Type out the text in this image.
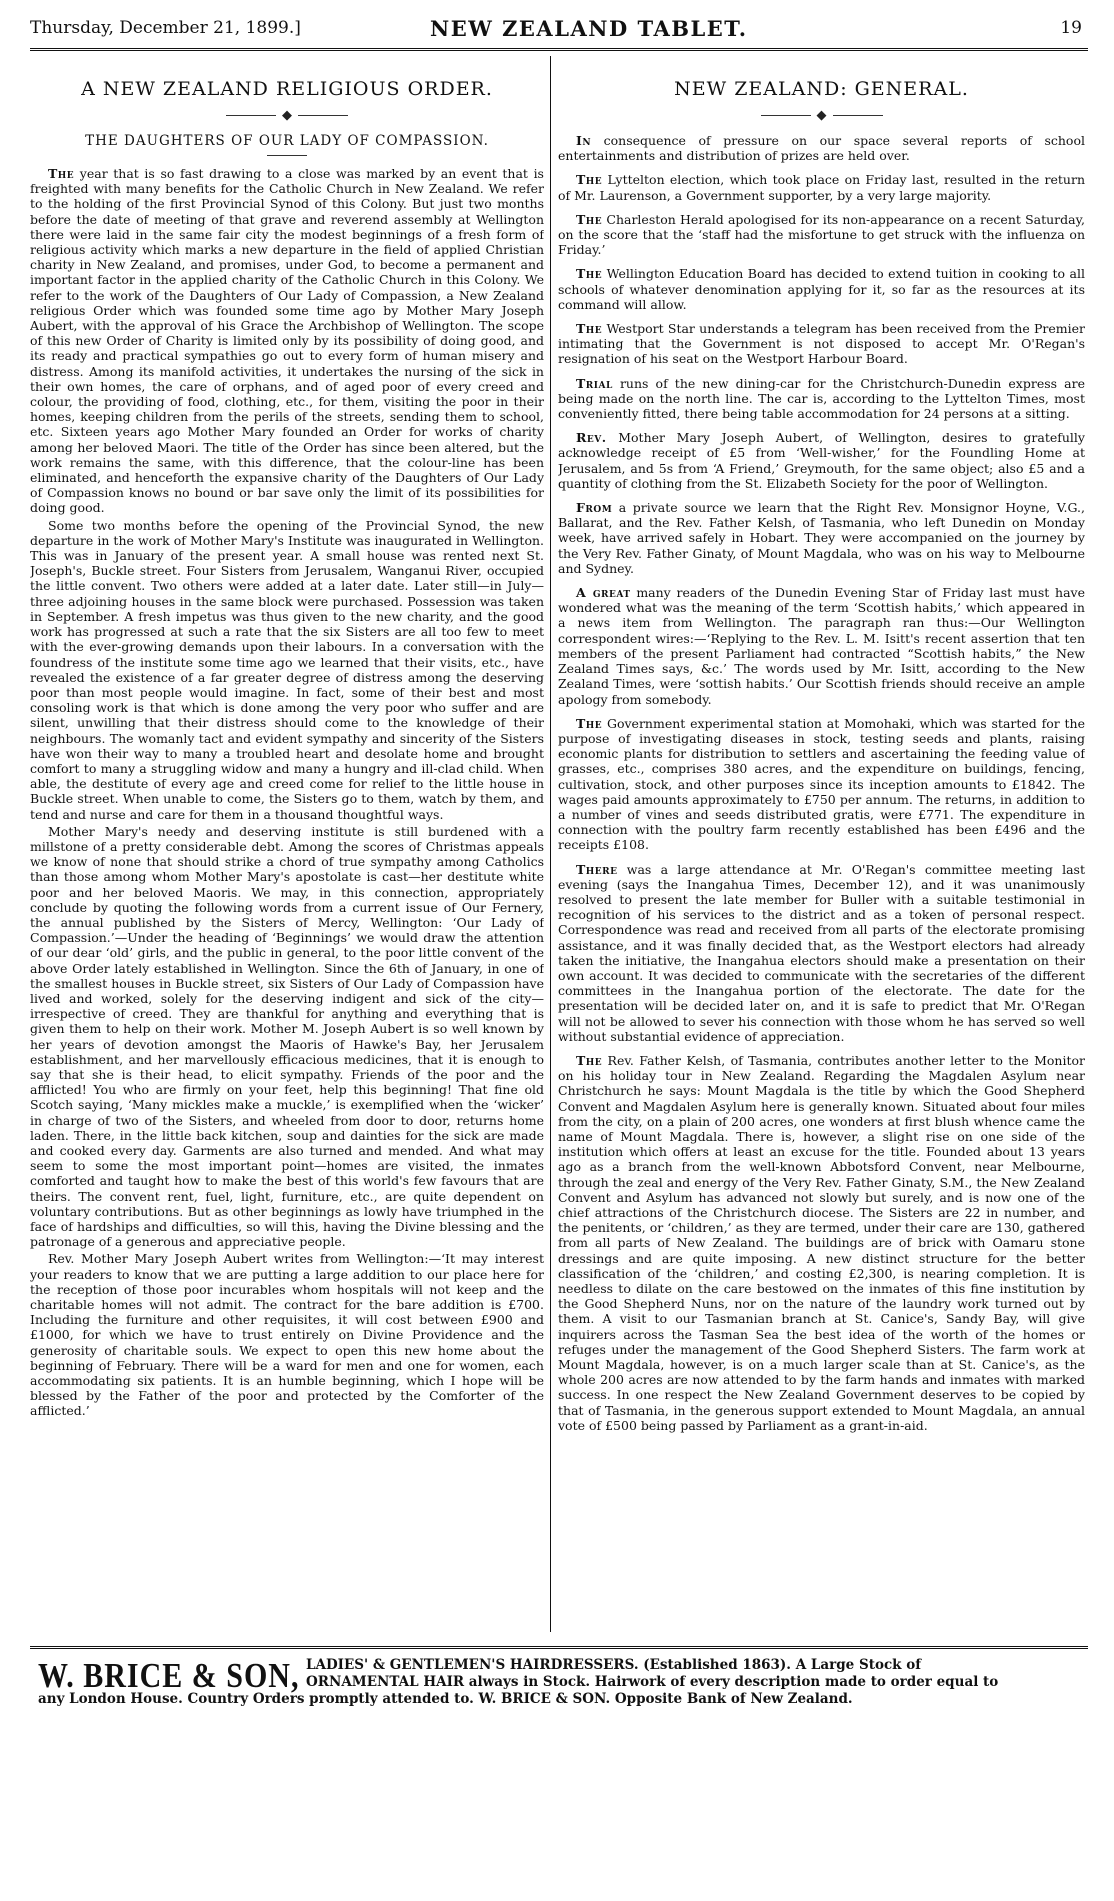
Thursday, December 21, 1899.]	NEW ZEALAND TABLET.	19
A NEW ZEALAND RELIGIOUS ORDER.
◆
THE DAUGHTERS OF OUR LADY OF COMPASSION.

The year that is so fast drawing to a close was marked by an event that is freighted with many benefits for the Catholic Church in New Zealand. We refer to the holding of the first Provincial Synod of this Colony. But just two months before the date of meeting of that grave and reverend assembly at Wellington there were laid in the same fair city the modest beginnings of a fresh form of religious activity which marks a new departure in the field of applied Christian charity in New Zealand, and promises, under God, to become a permanent and important factor in the applied charity of the Catholic Church in this Colony. We refer to the work of the Daughters of Our Lady of Compassion, a New Zealand religious Order which was founded some time ago by Mother Mary Joseph Aubert, with the approval of his Grace the Archbishop of Wellington. The scope of this new Order of Charity is limited only by its possibility of doing good, and its ready and practical sympathies go out to every form of human misery and distress. Among its manifold activities, it undertakes the nursing of the sick in their own homes, the care of orphans, and of aged poor of every creed and colour, the providing of food, clothing, etc., for them, visiting the poor in their homes, keeping children from the perils of the streets, sending them to school, etc. Sixteen years ago Mother Mary founded an Order for works of charity among her beloved Maori. The title of the Order has since been altered, but the work remains the same, with this difference, that the colour-line has been eliminated, and henceforth the expansive charity of the Daughters of Our Lady of Compassion knows no bound or bar save only the limit of its possibilities for doing good.

Some two months before the opening of the Provincial Synod, the new departure in the work of Mother Mary's Institute was inaugurated in Wellington. This was in January of the present year. A small house was rented next St. Joseph's, Buckle street. Four Sisters from Jerusalem, Wanganui River, occupied the little convent. Two others were added at a later date. Later still—in July—three adjoining houses in the same block were purchased. Possession was taken in September. A fresh impetus was thus given to the new charity, and the good work has progressed at such a rate that the six Sisters are all too few to meet with the ever-growing demands upon their labours. In a conversation with the foundress of the institute some time ago we learned that their visits, etc., have revealed the existence of a far greater degree of distress among the deserving poor than most people would imagine. In fact, some of their best and most consoling work is that which is done among the very poor who suffer and are silent, unwilling that their distress should come to the knowledge of their neighbours. The womanly tact and evident sympathy and sincerity of the Sisters have won their way to many a troubled heart and desolate home and brought comfort to many a struggling widow and many a hungry and ill-clad child. When able, the destitute of every age and creed come for relief to the little house in Buckle street. When unable to come, the Sisters go to them, watch by them, and tend and nurse and care for them in a thousand thoughtful ways.

Mother Mary's needy and deserving institute is still burdened with a millstone of a pretty considerable debt. Among the scores of Christmas appeals we know of none that should strike a chord of true sympathy among Catholics than those among whom Mother Mary's apostolate is cast—her destitute white poor and her beloved Maoris. We may, in this connection, appropriately conclude by quoting the following words from a current issue of Our Fernery, the annual published by the Sisters of Mercy, Wellington: ‘Our Lady of Compassion.’—Under the heading of ‘Beginnings’ we would draw the attention of our dear ‘old’ girls, and the public in general, to the poor little convent of the above Order lately established in Wellington. Since the 6th of January, in one of the smallest houses in Buckle street, six Sisters of Our Lady of Compassion have lived and worked, solely for the deserving indigent and sick of the city—irrespective of creed. They are thankful for anything and everything that is given them to help on their work. Mother M. Joseph Aubert is so well known by her years of devotion amongst the Maoris of Hawke's Bay, her Jerusalem establishment, and her marvellously efficacious medicines, that it is enough to say that she is their head, to elicit sympathy. Friends of the poor and the afflicted! You who are firmly on your feet, help this beginning! That fine old Scotch saying, ‘Many mickles make a muckle,’ is exemplified when the ‘wicker’ in charge of two of the Sisters, and wheeled from door to door, returns home laden. There, in the little back kitchen, soup and dainties for the sick are made and cooked every day. Garments are also turned and mended. And what may seem to some the most important point—homes are visited, the inmates comforted and taught how to make the best of this world's few favours that are theirs. The convent rent, fuel, light, furniture, etc., are quite dependent on voluntary contributions. But as other beginnings as lowly have triumphed in the face of hardships and difficulties, so will this, having the Divine blessing and the patronage of a generous and appreciative people.

Rev. Mother Mary Joseph Aubert writes from Wellington:—‘It may interest your readers to know that we are putting a large addition to our place here for the reception of those poor incurables whom hospitals will not keep and the charitable homes will not admit. The contract for the bare addition is £700. Including the furniture and other requisites, it will cost between £900 and £1000, for which we have to trust entirely on Divine Providence and the generosity of charitable souls. We expect to open this new home about the beginning of February. There will be a ward for men and one for women, each accommodating six patients. It is an humble beginning, which I hope will be blessed by the Father of the poor and protected by the Comforter of the afflicted.’

NEW ZEALAND: GENERAL.
◆

In consequence of pressure on our space several reports of school entertainments and distribution of prizes are held over.

The Lyttelton election, which took place on Friday last, resulted in the return of Mr. Laurenson, a Government supporter, by a very large majority.

The Charleston Herald apologised for its non-appearance on a recent Saturday, on the score that the ‘staff had the misfortune to get struck with the influenza on Friday.’

The Wellington Education Board has decided to extend tuition in cooking to all schools of whatever denomination applying for it, so far as the resources at its command will allow.

The Westport Star understands a telegram has been received from the Premier intimating that the Government is not disposed to accept Mr. O'Regan's resignation of his seat on the Westport Harbour Board.

Trial runs of the new dining-car for the Christchurch-Dunedin express are being made on the north line. The car is, according to the Lyttelton Times, most conveniently fitted, there being table accommodation for 24 persons at a sitting.

Rev. Mother Mary Joseph Aubert, of Wellington, desires to gratefully acknowledge receipt of £5 from ‘Well-wisher,’ for the Foundling Home at Jerusalem, and 5s from ‘A Friend,’ Greymouth, for the same object; also £5 and a quantity of clothing from the St. Elizabeth Society for the poor of Wellington.

From a private source we learn that the Right Rev. Monsignor Hoyne, V.G., Ballarat, and the Rev. Father Kelsh, of Tasmania, who left Dunedin on Monday week, have arrived safely in Hobart. They were accompanied on the journey by the Very Rev. Father Ginaty, of Mount Magdala, who was on his way to Melbourne and Sydney.

A great many readers of the Dunedin Evening Star of Friday last must have wondered what was the meaning of the term ‘Scottish habits,’ which appeared in a news item from Wellington. The paragraph ran thus:—Our Wellington correspondent wires:—‘Replying to the Rev. L. M. Isitt's recent assertion that ten members of the present Parliament had contracted “Scottish habits,” the New Zealand Times says, &c.’ The words used by Mr. Isitt, according to the New Zealand Times, were ‘sottish habits.’ Our Scottish friends should receive an ample apology from somebody.

The Government experimental station at Momohaki, which was started for the purpose of investigating diseases in stock, testing seeds and plants, raising economic plants for distribution to settlers and ascertaining the feeding value of grasses, etc., comprises 380 acres, and the expenditure on buildings, fencing, cultivation, stock, and other purposes since its inception amounts to £1842. The wages paid amounts approximately to £750 per annum. The returns, in addition to a number of vines and seeds distributed gratis, were £771. The expenditure in connection with the poultry farm recently established has been £496 and the receipts £108.

There was a large attendance at Mr. O'Regan's committee meeting last evening (says the Inangahua Times, December 12), and it was unanimously resolved to present the late member for Buller with a suitable testimonial in recognition of his services to the district and as a token of personal respect. Correspondence was read and received from all parts of the electorate promising assistance, and it was finally decided that, as the Westport electors had already taken the initiative, the Inangahua electors should make a presentation on their own account. It was decided to communicate with the secretaries of the different committees in the Inangahua portion of the electorate. The date for the presentation will be decided later on, and it is safe to predict that Mr. O'Regan will not be allowed to sever his connection with those whom he has served so well without substantial evidence of appreciation.

The Rev. Father Kelsh, of Tasmania, contributes another letter to the Monitor on his holiday tour in New Zealand. Regarding the Magdalen Asylum near Christchurch he says: Mount Magdala is the title by which the Good Shepherd Convent and Magdalen Asylum here is generally known. Situated about four miles from the city, on a plain of 200 acres, one wonders at first blush whence came the name of Mount Magdala. There is, however, a slight rise on one side of the institution which offers at least an excuse for the title. Founded about 13 years ago as a branch from the well-known Abbotsford Convent, near Melbourne, through the zeal and energy of the Very Rev. Father Ginaty, S.M., the New Zealand Convent and Asylum has advanced not slowly but surely, and is now one of the chief attractions of the Christchurch diocese. The Sisters are 22 in number, and the penitents, or ‘children,’ as they are termed, under their care are 130, gathered from all parts of New Zealand. The buildings are of brick with Oamaru stone dressings and are quite imposing. A new distinct structure for the better classification of the ‘children,’ and costing £2,300, is nearing completion. It is needless to dilate on the care bestowed on the inmates of this fine institution by the Good Shepherd Nuns, nor on the nature of the laundry work turned out by them. A visit to our Tasmanian branch at St. Canice's, Sandy Bay, will give inquirers across the Tasman Sea the best idea of the worth of the homes or refuges under the management of the Good Shepherd Sisters. The farm work at Mount Magdala, however, is on a much larger scale than at St. Canice's, as the whole 200 acres are now attended to by the farm hands and inmates with marked success. In one respect the New Zealand Government deserves to be copied by that of Tasmania, in the generous support extended to Mount Magdala, an annual vote of £500 being passed by Parliament as a grant-in-aid.

W. BRICE & SON, LADIES' & GENTLEMEN'S HAIRDRESSERS. (Established 1863). A Large Stock of
ORNAMENTAL HAIR always in Stock. Hairwork of every description made to order equal to
any London House. Country Orders promptly attended to. W. BRICE & SON. Opposite Bank of New Zealand.
